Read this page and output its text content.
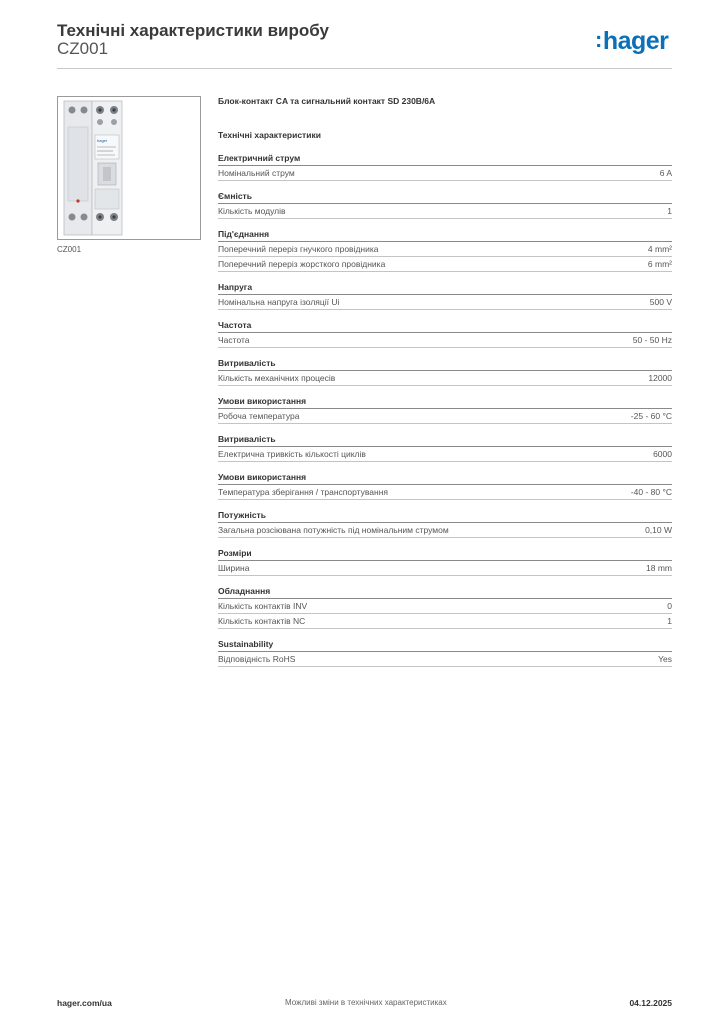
Технічні характеристики виробу
CZ001	:hager
hager
CZ001
Блок-контакт CA та сигнальний контакт SD 230В/6А
Технічні характеристики
Електричний струм
Номінальний струм	6 A
Ємність
Кількість модулів	1
Під'єднання
Поперечний переріз гнучкого провідника	4 mm²
Поперечний переріз жорсткого провідника	6 mm²
Напруга
Номінальна напруга ізоляції Ui	500 V
Частота
Частота	50 - 50 Hz
Витривалість
Кількість механічних процесів	12000
Умови використання
Робоча температура	-25 - 60 °C
Витривалість
Електрична тривкість кількості циклів	6000
Умови використання
Температура зберігання / транспортування	-40 - 80 °C
Потужність
Загальна розсіювана потужність під номінальним струмом	0,10 W
Розміри
Ширина	18 mm
Обладнання
Кількість контактів INV	0
Кількість контактів NC	1
Sustainability
Відповідність RoHS	Yes
hager.com/ua	Можливі зміни в технічних характеристиках	04.12.2025
